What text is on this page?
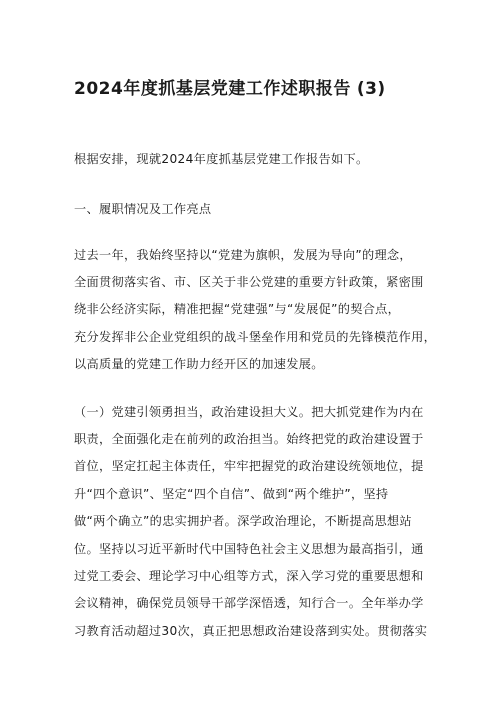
2024年度抓基层党建工作述职报告 (3)
根据安排，现就2024年度抓基层党建工作报告如下。
一、履职情况及工作亮点
过去一年，我始终坚持以“党建为旗帜，发展为导向”的理念，
全面贯彻落实省、市、区关于非公党建的重要方针政策，紧密围
绕非公经济实际，精准把握“党建强”与“发展促”的契合点，
充分发挥非公企业党组织的战斗堡垒作用和党员的先锋模范作用，
以高质量的党建工作助力经开区的加速发展。
（一）党建引领勇担当，政治建设担大义。把大抓党建作为内在
职责，全面强化走在前列的政治担当。始终把党的政治建设置于
首位，坚定扛起主体责任，牢牢把握党的政治建设统领地位，提
升“四个意识”、坚定“四个自信”、做到“两个维护”，坚持
做“两个确立”的忠实拥护者。深学政治理论，不断提高思想站
位。坚持以习近平新时代中国特色社会主义思想为最高指引，通
过党工委会、理论学习中心组等方式，深入学习党的重要思想和
会议精神，确保党员领导干部学深悟透，知行合一。全年举办学
习教育活动超过30次，真正把思想政治建设落到实处。贯彻落实
